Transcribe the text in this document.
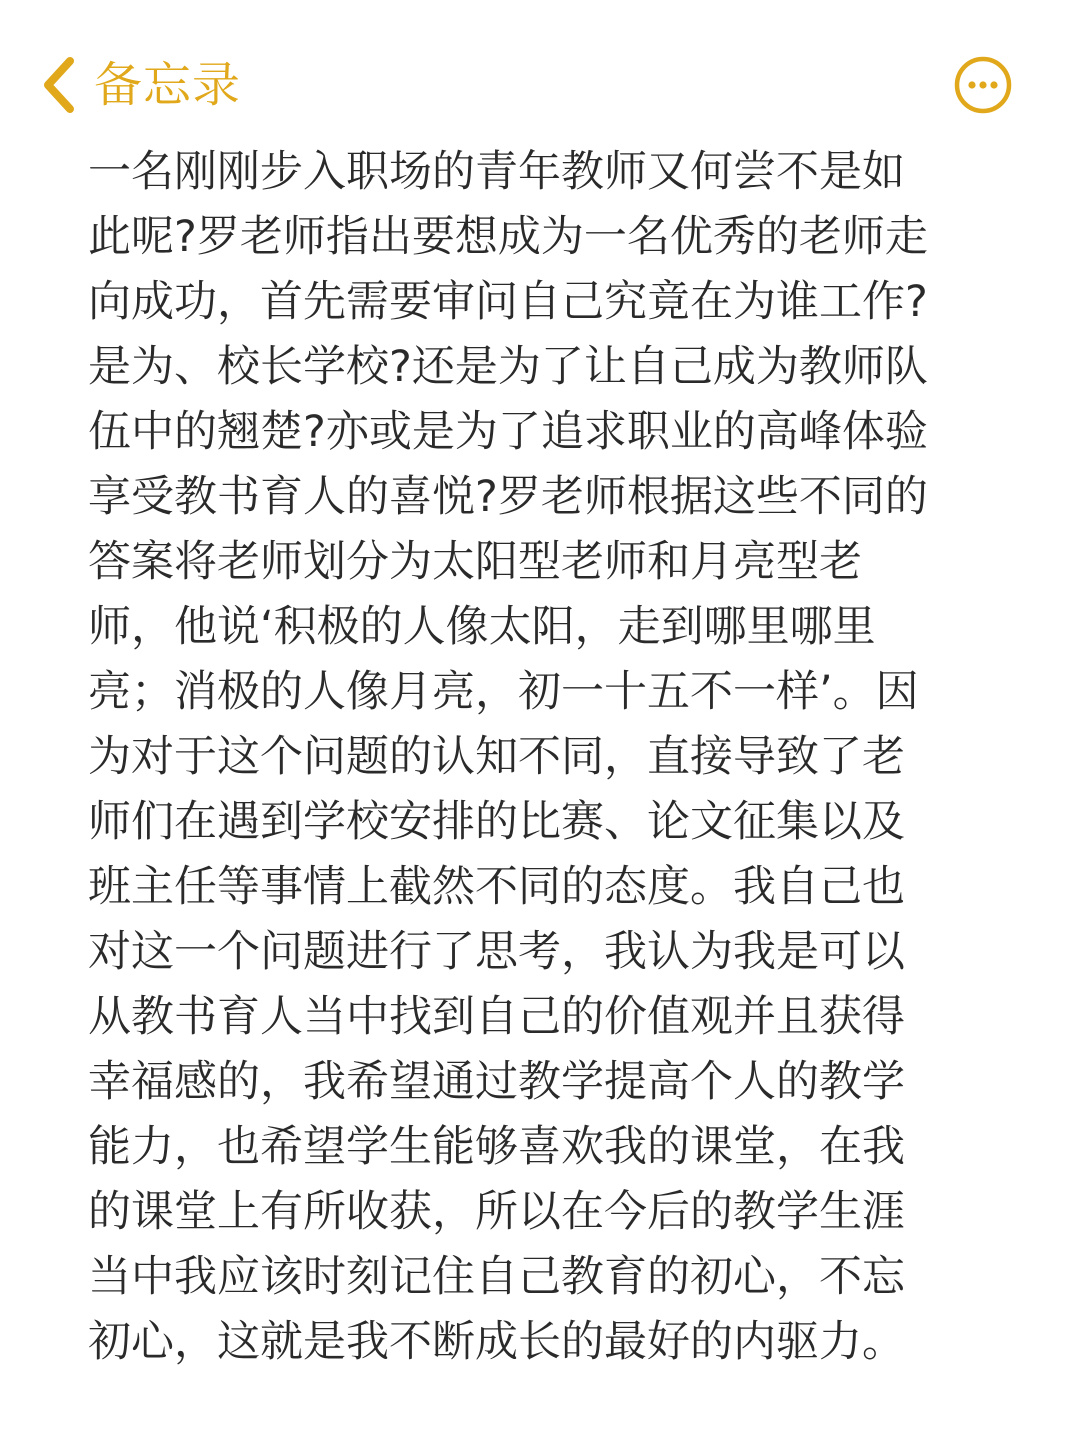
备忘录

一名刚刚步入职场的青年教师又何尝不是如
此呢?罗老师指出要想成为一名优秀的老师走
向成功，首先需要审问自己究竟在为谁工作?
是为、校长学校?还是为了让自己成为教师队
伍中的翘楚?亦或是为了追求职业的高峰体验
享受教书育人的喜悦?罗老师根据这些不同的
答案将老师划分为太阳型老师和月亮型老
师，他说‘积极的人像太阳，走到哪里哪里
亮；消极的人像月亮，初一十五不一样’。因
为对于这个问题的认知不同，直接导致了老
师们在遇到学校安排的比赛、论文征集以及
班主任等事情上截然不同的态度。我自己也
对这一个问题进行了思考，我认为我是可以
从教书育人当中找到自己的价值观并且获得
幸福感的，我希望通过教学提高个人的教学
能力，也希望学生能够喜欢我的课堂，在我
的课堂上有所收获，所以在今后的教学生涯
当中我应该时刻记住自己教育的初心，不忘
初心，这就是我不断成长的最好的内驱力。
